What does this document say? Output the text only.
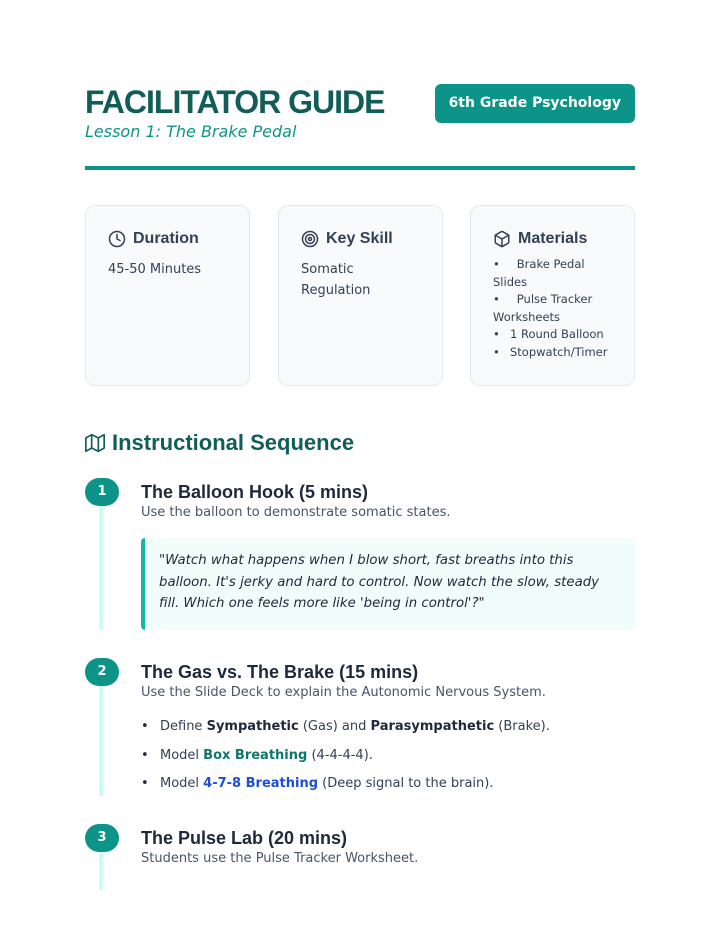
FACILITATOR GUIDE
Lesson 1: The Brake Pedal
6th Grade Psychology
Duration
45-50 Minutes
Key Skill
Somatic Regulation
Materials
• Brake Pedal Slides
• Pulse Tracker Worksheets
• 1 Round Balloon
• Stopwatch/Timer
Instructional Sequence
1	The Balloon Hook (5 mins)
Use the balloon to demonstrate somatic states.
"Watch what happens when I blow short, fast breaths into this balloon. It's jerky and hard to control. Now watch the slow, steady fill. Which one feels more like 'being in control'?"
2	The Gas vs. The Brake (15 mins)
Use the Slide Deck to explain the Autonomic Nervous System.
• Define Sympathetic (Gas) and Parasympathetic (Brake).
• Model Box Breathing (4-4-4-4).
• Model 4-7-8 Breathing (Deep signal to the brain).
3	The Pulse Lab (20 mins)
Students use the Pulse Tracker Worksheet.
